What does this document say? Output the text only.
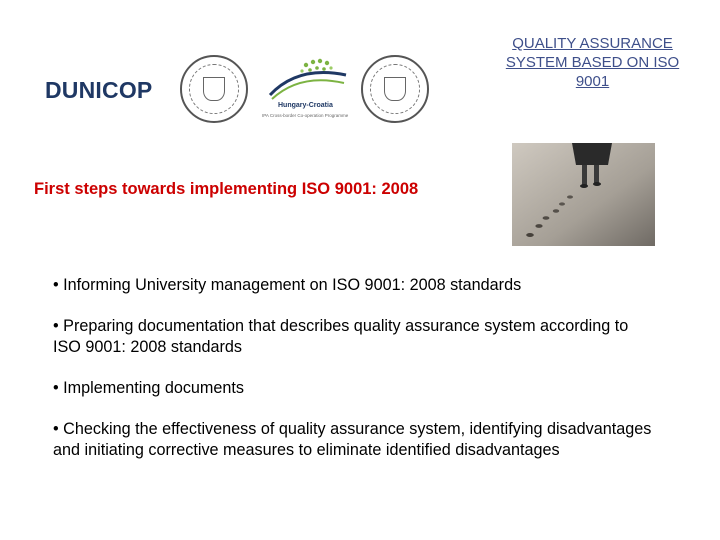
DUNICOP
Hungary-Croatia
IPA Cross-border Co-operation Programme
QUALITY ASSURANCE SYSTEM BASED ON ISO 9001
First steps towards implementing ISO 9001: 2008
• Informing University management on ISO 9001: 2008 standards
• Preparing documentation that describes quality assurance system according to ISO 9001: 2008 standards
• Implementing documents
• Checking the effectiveness of quality assurance system, identifying disadvantages and initiating corrective measures to eliminate identified disadvantages
